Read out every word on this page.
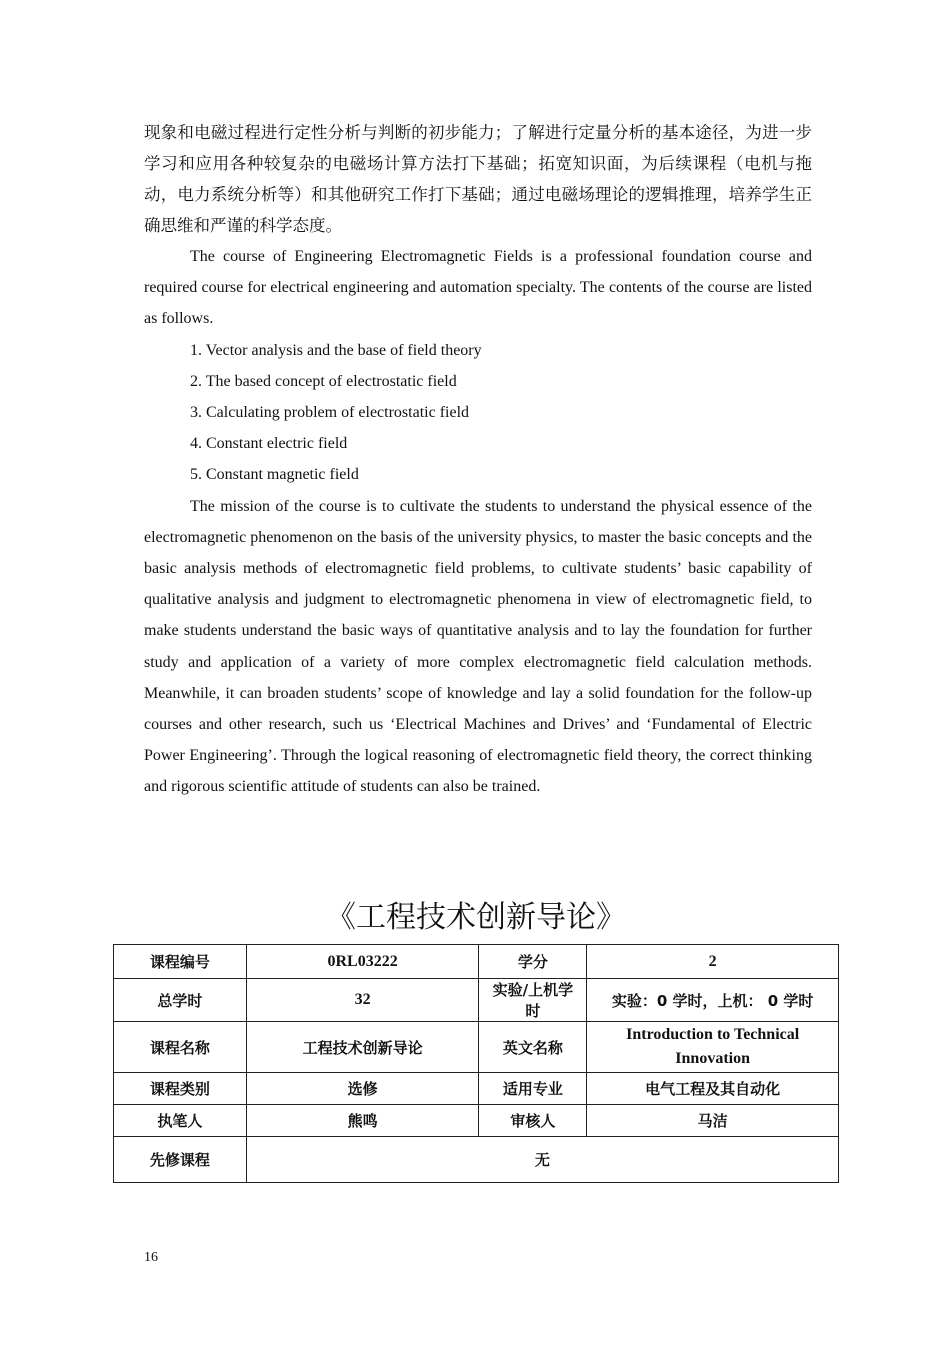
现象和电磁过程进行定性分析与判断的初步能力；了解进行定量分析的基本途径，为进一步学习和应用各种较复杂的电磁场计算方法打下基础；拓宽知识面，为后续课程（电机与拖动，电力系统分析等）和其他研究工作打下基础；通过电磁场理论的逻辑推理，培养学生正确思维和严谨的科学态度。

The course of Engineering Electromagnetic Fields is a professional foundation course and required course for electrical engineering and automation specialty. The contents of the course are listed as follows.

1. Vector analysis and the base of field theory

2. The based concept of electrostatic field

3. Calculating problem of electrostatic field

4. Constant electric field

5. Constant magnetic field

The mission of the course is to cultivate the students to understand the physical essence of the electromagnetic phenomenon on the basis of the university physics, to master the basic concepts and the basic analysis methods of electromagnetic field problems, to cultivate students’ basic capability of qualitative analysis and judgment to electromagnetic phenomena in view of electromagnetic field, to make students understand the basic ways of quantitative analysis and to lay the foundation for further study and application of a variety of more complex electromagnetic field calculation methods. Meanwhile, it can broaden students’ scope of knowledge and lay a solid foundation for the follow-up courses and other research, such us ‘Electrical Machines and Drives’ and ‘Fundamental of Electric Power Engineering’. Through the logical reasoning of electromagnetic field theory, the correct thinking and rigorous scientific attitude of students can also be trained.

《工程技术创新导论》
课程编号	0RL03222	学分	2
总学时	32	实验/上机学时	实验：0 学时，上机： 0 学时
课程名称	工程技术创新导论	英文名称	Introduction to Technical Innovation
课程类别	选修	适用专业	电气工程及其自动化
执笔人	熊鸣	审核人	马洁
先修课程	无		
16
